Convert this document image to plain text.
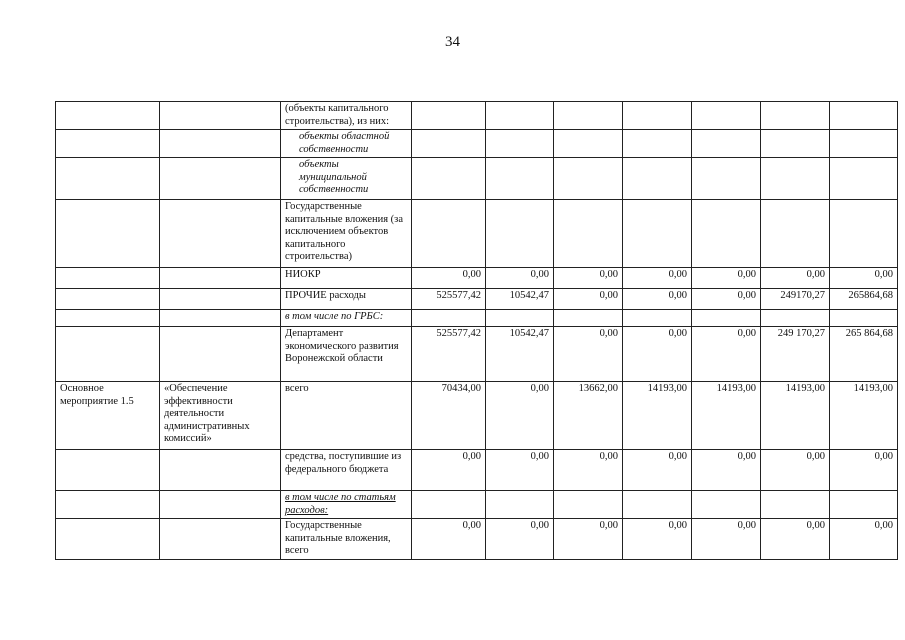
34
		(объекты капитального строительства), из них:							
		объекты областной собственности							
		объекты муниципальной собственности							
		Государственные капитальные вложения (за исключением объектов капитального строительства)							
		НИОКР	0,00	0,00	0,00	0,00	0,00	0,00	0,00
		ПРОЧИЕ расходы	525577,42	10542,47	0,00	0,00	0,00	249170,27	265864,68
		в том числе по ГРБС:							
		Департамент экономического развития Воронежской области	525577,42	10542,47	0,00	0,00	0,00	249 170,27	265 864,68
Основное мероприятие 1.5	«Обеспечение эффективности деятельности административных комиссий»	всего	70434,00	0,00	13662,00	14193,00	14193,00	14193,00	14193,00
		средства, поступившие из федерального бюджета	0,00	0,00	0,00	0,00	0,00	0,00	0,00
		в том числе по статьям расходов:							
		Государственные капитальные вложения, всего	0,00	0,00	0,00	0,00	0,00	0,00	0,00
